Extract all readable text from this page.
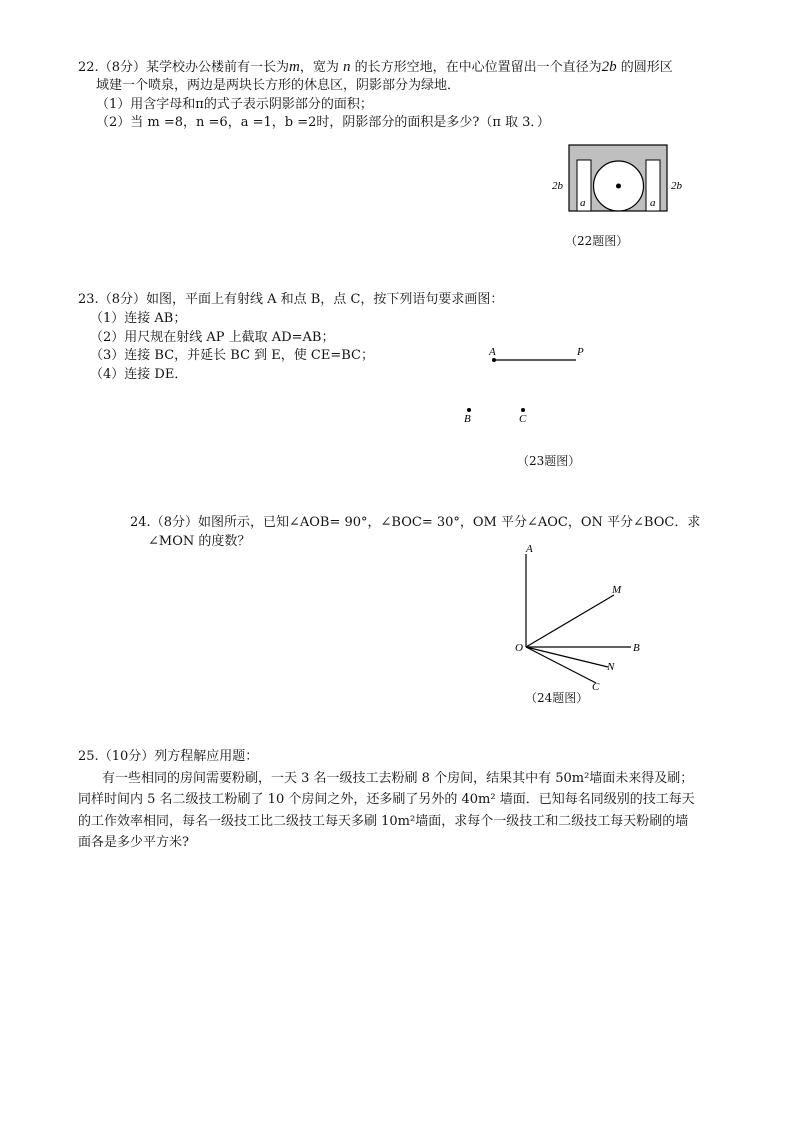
22.（8分）某学校办公楼前有一长为m，宽为 n 的长方形空地，在中心位置留出一个直径为2b 的圆形区
域建一个喷泉，两边是两块长方形的休息区，阴影部分为绿地．
（1）用含字母和π的式子表示阴影部分的面积；
（2）当 m =8，n =6，a =1，b =2时，阴影部分的面积是多少?（π 取 3．）
2b	2b
a	a
（22题图）
23.（8分）如图，平面上有射线 A 和点 B，点 C，按下列语句要求画图：
（1）连接 AB；
（2）用尺规在射线 AP 上截取 AD=AB；
（3）连接 BC，并延长 BC 到 E，使 CE=BC；
（4）连接 DE．
A	P
C
B
（23题图）
24.（8分）如图所示，已知∠AOB= 90°，∠BOC= 30°，OM 平分∠AOC，ON 平分∠BOC．求
∠MON 的度数？	A
M
O	B
N
C
（24题图）
25.（10分）列方程解应用题：
有一些相同的房间需要粉刷，一天 3 名一级技工去粉刷 8 个房间，结果其中有 50m²墙面未来得及刷；
同样时间内 5 名二级技工粉刷了 10 个房间之外，还多刷了另外的 40m² 墙面．已知每名同级别的技工每天
的工作效率相同，每名一级技工比二级技工每天多刷 10m²墙面，求每个一级技工和二级技工每天粉刷的墙
面各是多少平方米?
